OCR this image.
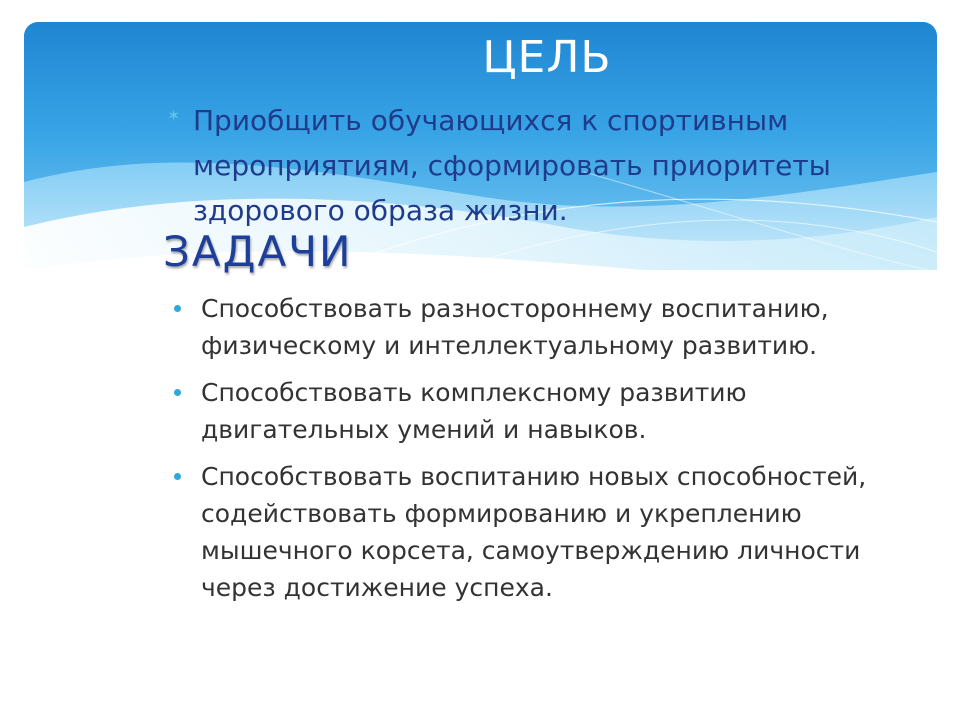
ЦЕЛЬ
✶ Приобщить обучающихся к спортивным мероприятиям, сформировать приоритеты здорового образа жизни.
ЗАДАЧИ
Способствовать разностороннему воспитанию, физическому и интеллектуальному развитию.
Способствовать комплексному развитию двигательных умений и навыков.
Способствовать воспитанию новых способностей, содействовать формированию и укреплению мышечного корсета, самоутверждению личности через достижение успеха.
